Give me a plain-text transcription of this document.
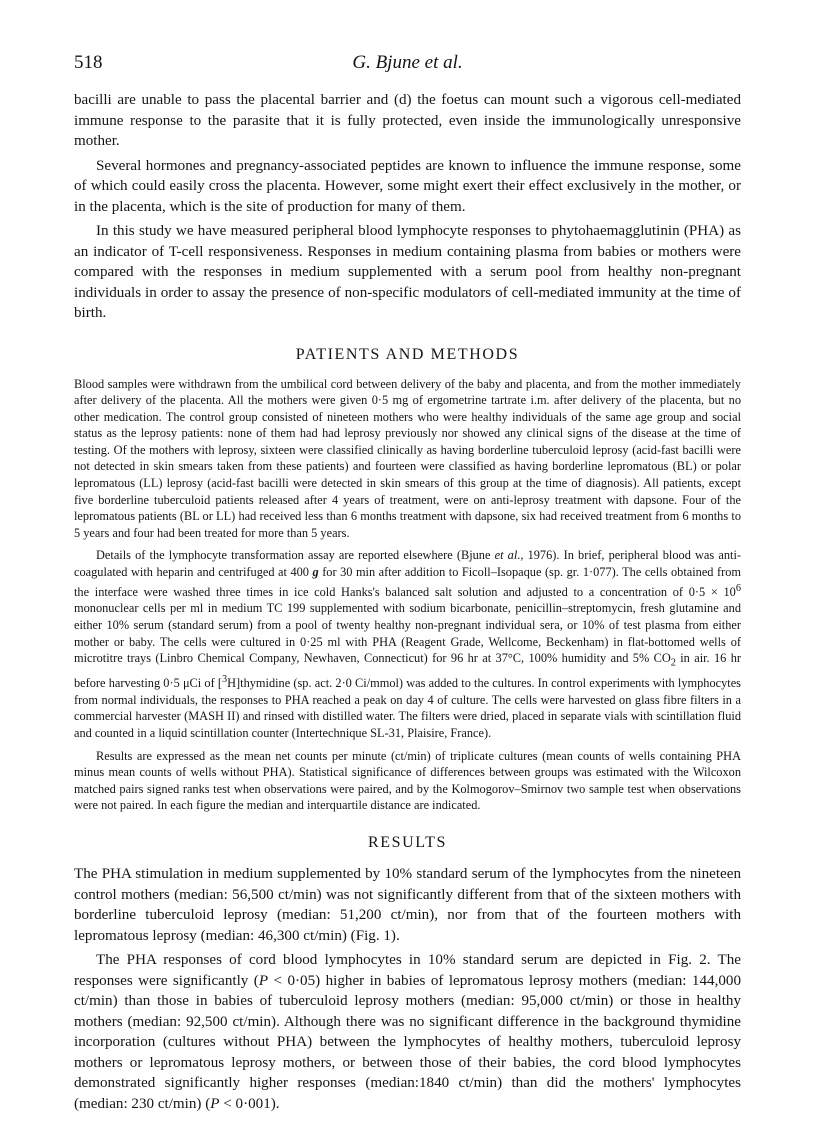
518	G. Bjune et al.

bacilli are unable to pass the placental barrier and (d) the foetus can mount such a vigorous cell-mediated immune response to the parasite that it is fully protected, even inside the immunologically unresponsive mother.

Several hormones and pregnancy-associated peptides are known to influence the immune response, some of which could easily cross the placenta. However, some might exert their effect exclusively in the mother, or in the placenta, which is the site of production for many of them.

In this study we have measured peripheral blood lymphocyte responses to phytohaemagglutinin (PHA) as an indicator of T-cell responsiveness. Responses in medium containing plasma from babies or mothers were compared with the responses in medium supplemented with a serum pool from healthy non-pregnant individuals in order to assay the presence of non-specific modulators of cell-mediated immunity at the time of birth.

PATIENTS AND METHODS

Blood samples were withdrawn from the umbilical cord between delivery of the baby and placenta, and from the mother immediately after delivery of the placenta. All the mothers were given 0·5 mg of ergometrine tartrate i.m. after delivery of the placenta, but no other medication. The control group consisted of nineteen mothers who were healthy individuals of the same age group and social status as the leprosy patients: none of them had had leprosy previously nor showed any clinical signs of the disease at the time of testing. Of the mothers with leprosy, sixteen were classified clinically as having borderline tuberculoid leprosy (acid-fast bacilli were not detected in skin smears taken from these patients) and fourteen were classified as having borderline lepromatous (BL) or polar lepromatous (LL) leprosy (acid-fast bacilli were detected in skin smears of this group at the time of diagnosis). All patients, except five borderline tuberculoid patients released after 4 years of treatment, were on anti-leprosy treatment with dapsone. Four of the lepromatous patients (BL or LL) had received less than 6 months treatment with dapsone, six had received treatment from 6 months to 5 years and four had been treated for more than 5 years.

Details of the lymphocyte transformation assay are reported elsewhere (Bjune et al., 1976). In brief, peripheral blood was anti-coagulated with heparin and centrifuged at 400 g for 30 min after addition to Ficoll–Isopaque (sp. gr. 1·077). The cells obtained from the interface were washed three times in ice cold Hanks's balanced salt solution and adjusted to a concentration of $0\cdot 5 \times 10^6$ mononuclear cells per ml in medium TC 199 supplemented with sodium bicarbonate, penicillin–streptomycin, fresh glutamine and either 10% serum (standard serum) from a pool of twenty healthy non-pregnant individual sera, or 10% of test plasma from either mother or baby. The cells were cultured in 0·25 ml with PHA (Reagent Grade, Wellcome, Beckenham) in flat-bottomed wells of microtitre trays (Linbro Chemical Company, Newhaven, Connecticut) for 96 hr at 37°C, 100% humidity and 5% $CO_2$ in air. 16 hr before harvesting 0·5 μCi of [$^3$H]thymidine (sp. act. 2·0 Ci/mmol) was added to the cultures. In control experiments with lymphocytes from normal individuals, the responses to PHA reached a peak on day 4 of culture. The cells were harvested on glass fibre filters in a commercial harvester (MASH II) and rinsed with distilled water. The filters were dried, placed in separate vials with scintillation fluid and counted in a liquid scintillation counter (Intertechnique SL-31, Plaisire, France).

Results are expressed as the mean net counts per minute (ct/min) of triplicate cultures (mean counts of wells containing PHA minus mean counts of wells without PHA). Statistical significance of differences between groups was estimated with the Wilcoxon matched pairs signed ranks test when observations were paired, and by the Kolmogorov–Smirnov two sample test when observations were not paired. In each figure the median and interquartile distance are indicated.

RESULTS

The PHA stimulation in medium supplemented by 10% standard serum of the lymphocytes from the nineteen control mothers (median: 56,500 ct/min) was not significantly different from that of the sixteen mothers with borderline tuberculoid leprosy (median: 51,200 ct/min), nor from that of the fourteen mothers with lepromatous leprosy (median: 46,300 ct/min) (Fig. 1).

The PHA responses of cord blood lymphocytes in 10% standard serum are depicted in Fig. 2. The responses were significantly (P < 0·05) higher in babies of lepromatous leprosy mothers (median: 144,000 ct/min) than those in babies of tuberculoid leprosy mothers (median: 95,000 ct/min) or those in healthy mothers (median: 92,500 ct/min). Although there was no significant difference in the background thymidine incorporation (cultures without PHA) between the lymphocytes of healthy mothers, tuberculoid leprosy mothers or lepromatous leprosy mothers, or between those of their babies, the cord blood lymphocytes demonstrated significantly higher responses (median:1840 ct/min) than did the mothers' lymphocytes (median: 230 ct/min) (P < 0·001).
